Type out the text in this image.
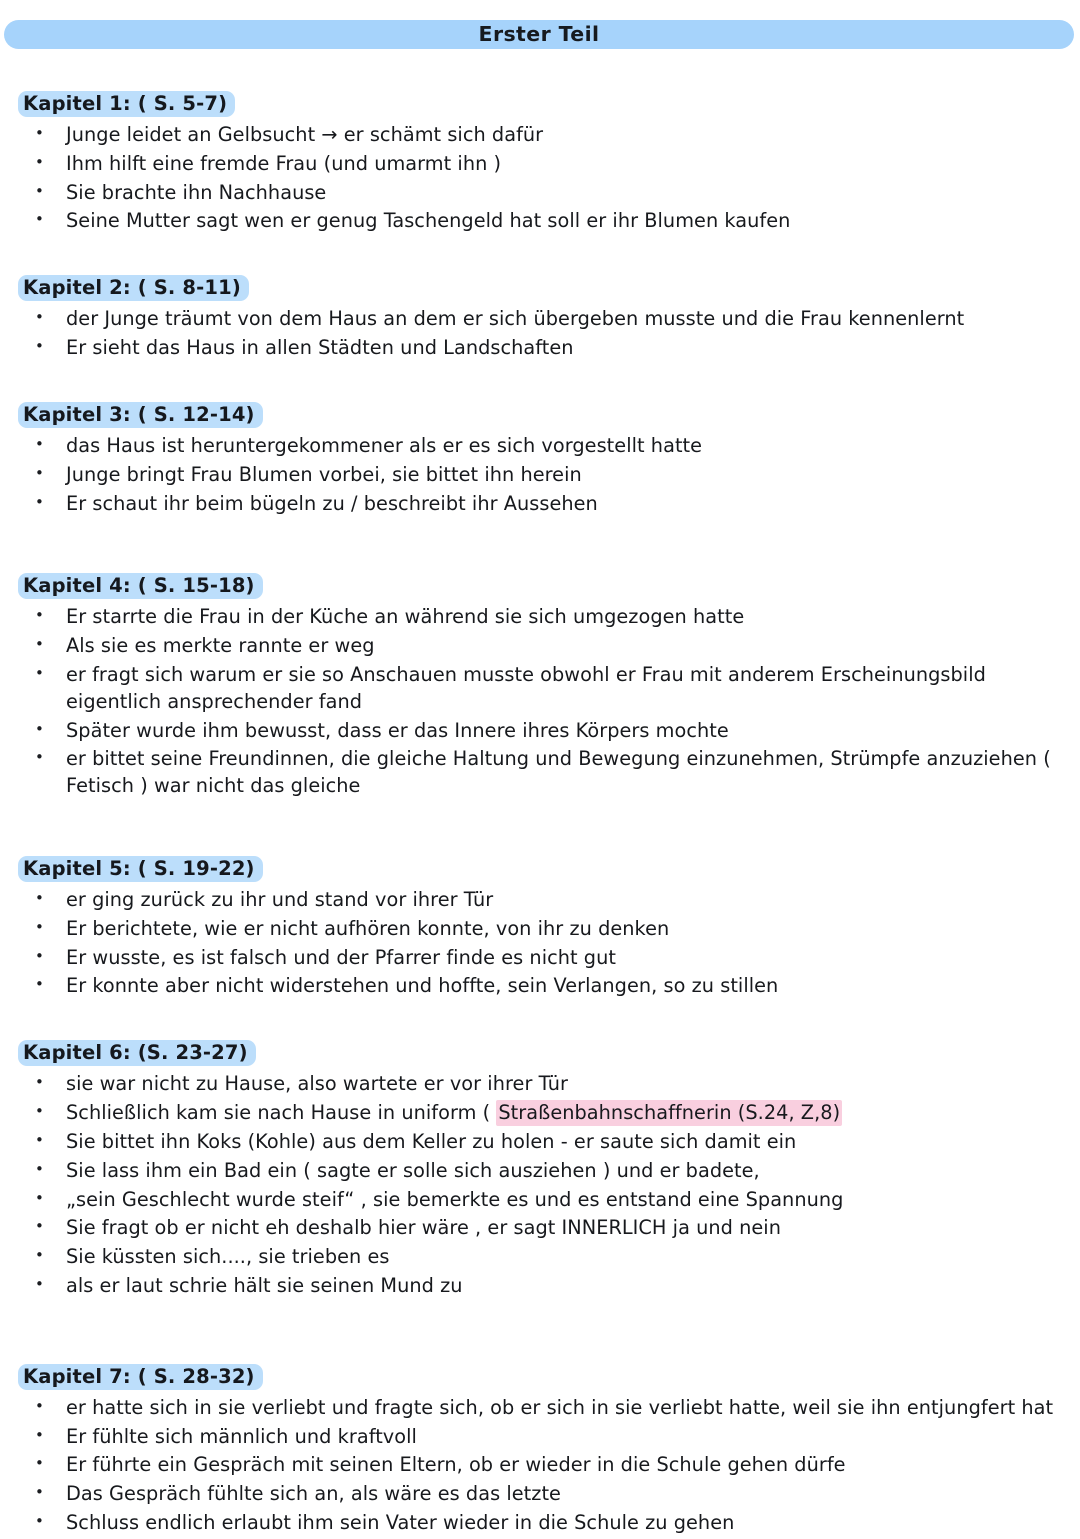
Erster Teil
Kapitel 1: ( S. 5-7)
• Junge leidet an Gelbsucht → er schämt sich dafür
• Ihm hilft eine fremde Frau (und umarmt ihn )
• Sie brachte ihn Nachhause
• Seine Mutter sagt wen er genug Taschengeld hat soll er ihr Blumen kaufen
Kapitel 2: ( S. 8-11)
• der Junge träumt von dem Haus an dem er sich übergeben musste und die Frau kennenlernt
• Er sieht das Haus in allen Städten und Landschaften
Kapitel 3: ( S. 12-14)
• das Haus ist heruntergekommener als er es sich vorgestellt hatte
• Junge bringt Frau Blumen vorbei, sie bittet ihn herein
• Er schaut ihr beim bügeln zu / beschreibt ihr Aussehen
Kapitel 4: ( S. 15-18)
• Er starrte die Frau in der Küche an während sie sich umgezogen hatte
• Als sie es merkte rannte er weg
• er fragt sich warum er sie so Anschauen musste obwohl er Frau mit anderem Erscheinungsbild eigentlich ansprechender fand
• Später wurde ihm bewusst, dass er das Innere ihres Körpers mochte
• er bittet seine Freundinnen, die gleiche Haltung und Bewegung einzunehmen, Strümpfe anzuziehen ( Fetisch ) war nicht das gleiche
Kapitel 5: ( S. 19-22)
• er ging zurück zu ihr und stand vor ihrer Tür
• Er berichtete, wie er nicht aufhören konnte, von ihr zu denken
• Er wusste, es ist falsch und der Pfarrer finde es nicht gut
• Er konnte aber nicht widerstehen und hoffte, sein Verlangen, so zu stillen
Kapitel 6: (S. 23-27)
• sie war nicht zu Hause, also wartete er vor ihrer Tür
• Schließlich kam sie nach Hause in uniform ( Straßenbahnschaffnerin (S.24, Z,8)
• Sie bittet ihn Koks (Kohle) aus dem Keller zu holen - er saute sich damit ein
• Sie lass ihm ein Bad ein ( sagte er solle sich ausziehen ) und er badete,
• „sein Geschlecht wurde steif“ , sie bemerkte es und es entstand eine Spannung
• Sie fragt ob er nicht eh deshalb hier wäre , er sagt INNERLICH ja und nein
• Sie küssten sich...., sie trieben es
• als er laut schrie hält sie seinen Mund zu
Kapitel 7: ( S. 28-32)
• er hatte sich in sie verliebt und fragte sich, ob er sich in sie verliebt hatte, weil sie ihn entjungfert hat
• Er fühlte sich männlich und kraftvoll
• Er führte ein Gespräch mit seinen Eltern, ob er wieder in die Schule gehen dürfe
• Das Gespräch fühlte sich an, als wäre es das letzte
• Schluss endlich erlaubt ihm sein Vater wieder in die Schule zu gehen
